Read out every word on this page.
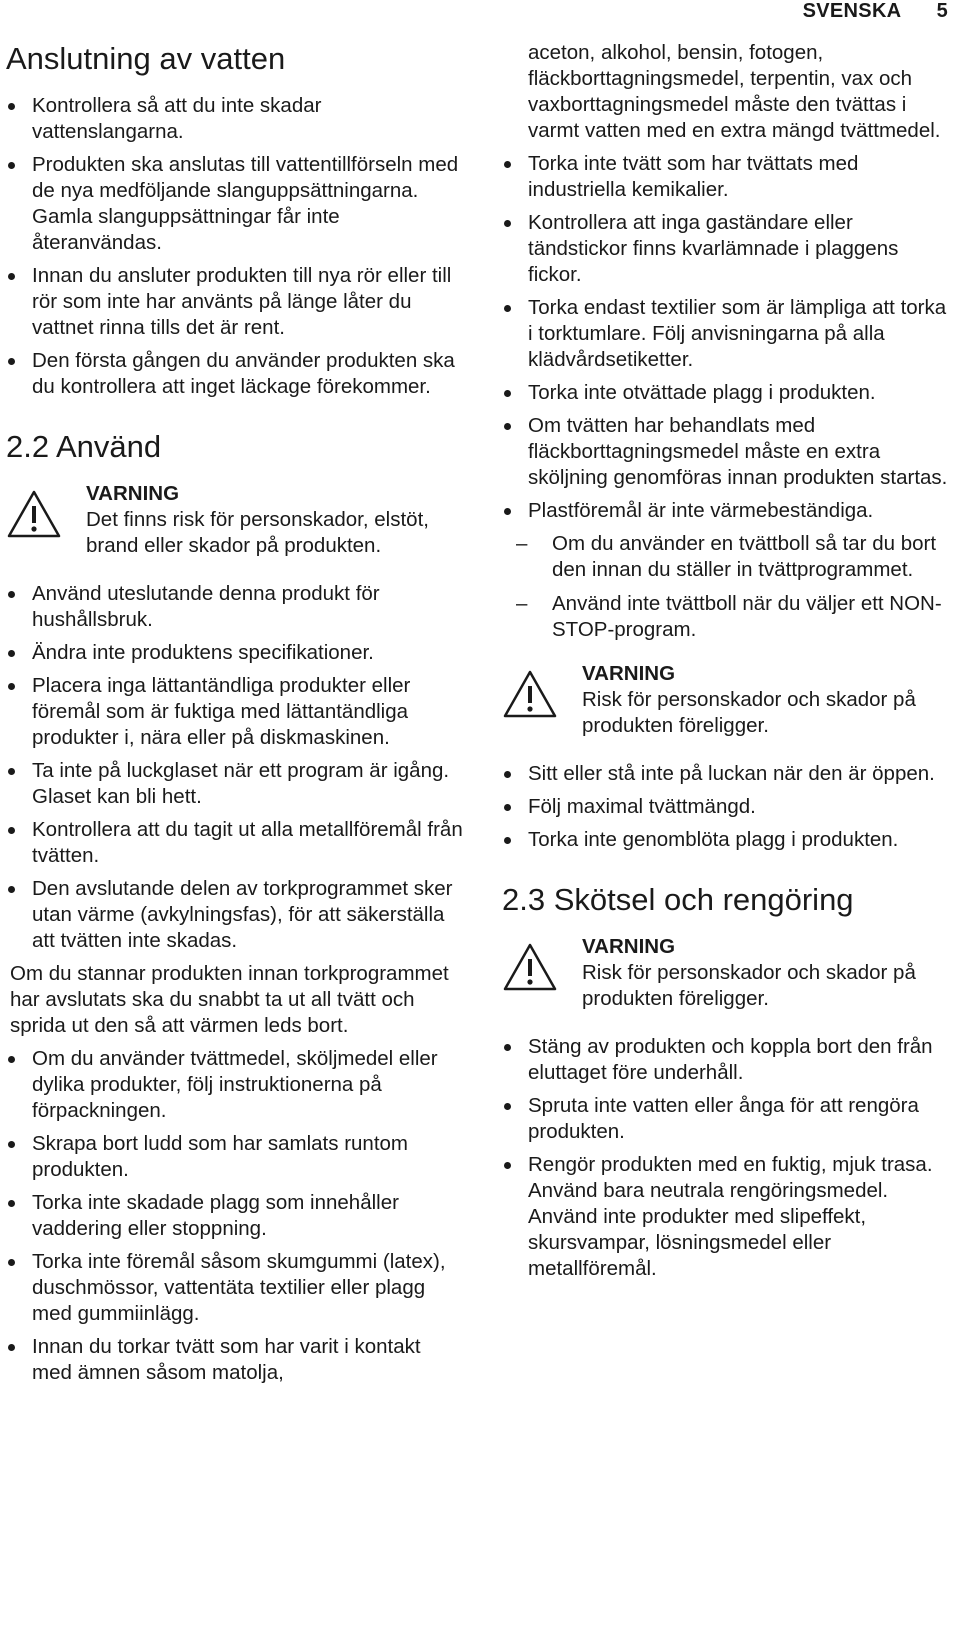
SVENSKA 5
Anslutning av vatten
Kontrollera så att du inte skadar vattenslangarna.
Produkten ska anslutas till vattentillförseln med de nya medföljande slanguppsättningarna. Gamla slanguppsättningar får inte återanvändas.
Innan du ansluter produkten till nya rör eller till rör som inte har använts på länge låter du vattnet rinna tills det är rent.
Den första gången du använder produkten ska du kontrollera att inget läckage förekommer.
2.2 Använd
VARNING
Det finns risk för personskador, elstöt, brand eller skador på produkten.
Använd uteslutande denna produkt för hushållsbruk.
Ändra inte produktens specifikationer.
Placera inga lättantändliga produkter eller föremål som är fuktiga med lättantändliga produkter i, nära eller på diskmaskinen.
Ta inte på luckglaset när ett program är igång. Glaset kan bli hett.
Kontrollera att du tagit ut alla metallföremål från tvätten.
Den avslutande delen av torkprogrammet sker utan värme (avkylningsfas), för att säkerställa att tvätten inte skadas.
Om du stannar produkten innan torkprogrammet har avslutats ska du snabbt ta ut all tvätt och sprida ut den så att värmen leds bort.
Om du använder tvättmedel, sköljmedel eller dylika produkter, följ instruktionerna på förpackningen.
Skrapa bort ludd som har samlats runtom produkten.
Torka inte skadade plagg som innehåller vaddering eller stoppning.
Torka inte föremål såsom skumgummi (latex), duschmössor, vattentäta textilier eller plagg med gummiinlägg.
Innan du torkar tvätt som har varit i kontakt med ämnen såsom matolja,
aceton, alkohol, bensin, fotogen, fläckborttagningsmedel, terpentin, vax och vaxborttagningsmedel måste den tvättas i varmt vatten med en extra mängd tvättmedel.
Torka inte tvätt som har tvättats med industriella kemikalier.
Kontrollera att inga gaständare eller tändstickor finns kvarlämnade i plaggens fickor.
Torka endast textilier som är lämpliga att torka i torktumlare. Följ anvisningarna på alla klädvårdsetiketter.
Torka inte otvättade plagg i produkten.
Om tvätten har behandlats med fläckborttagningsmedel måste en extra sköljning genomföras innan produkten startas.
Plastföremål är inte värmebeständiga.
– Om du använder en tvättboll så tar du bort den innan du ställer in tvättprogrammet.
– Använd inte tvättboll när du väljer ett NON-STOP-program.
VARNING
Risk för personskador och skador på produkten föreligger.
Sitt eller stå inte på luckan när den är öppen.
Följ maximal tvättmängd.
Torka inte genomblöta plagg i produkten.
2.3 Skötsel och rengöring
VARNING
Risk för personskador och skador på produkten föreligger.
Stäng av produkten och koppla bort den från eluttaget före underhåll.
Spruta inte vatten eller ånga för att rengöra produkten.
Rengör produkten med en fuktig, mjuk trasa. Använd bara neutrala rengöringsmedel. Använd inte produkter med slipeffekt, skursvampar, lösningsmedel eller metallföremål.
